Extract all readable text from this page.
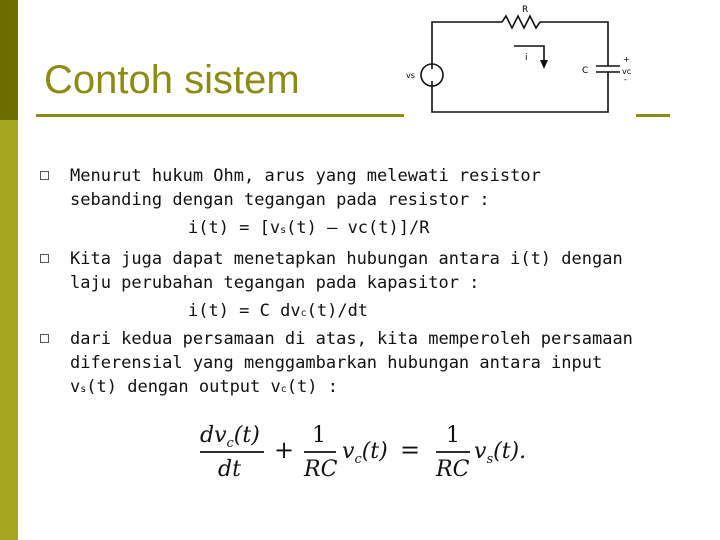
Contoh sistem
R
i
C
vs	vc
+
-
Menurut hukum Ohm, arus yang melewati resistor
sebanding dengan tegangan pada resistor :
i(t) = [vs(t) – vc(t)]/R
Kita juga dapat menetapkan hubungan antara i(t) dengan
laju perubahan tegangan pada kapasitor :
i(t) = C dvc(t)/dt
dari kedua persamaan di atas, kita memperoleh persamaan
diferensial yang menggambarkan hubungan antara input
vs(t) dengan output vc(t) :
$dv_c(t)$
dt
+
1
RC
$v_c(t)$ =
1
RC
$v_s(t)$.
